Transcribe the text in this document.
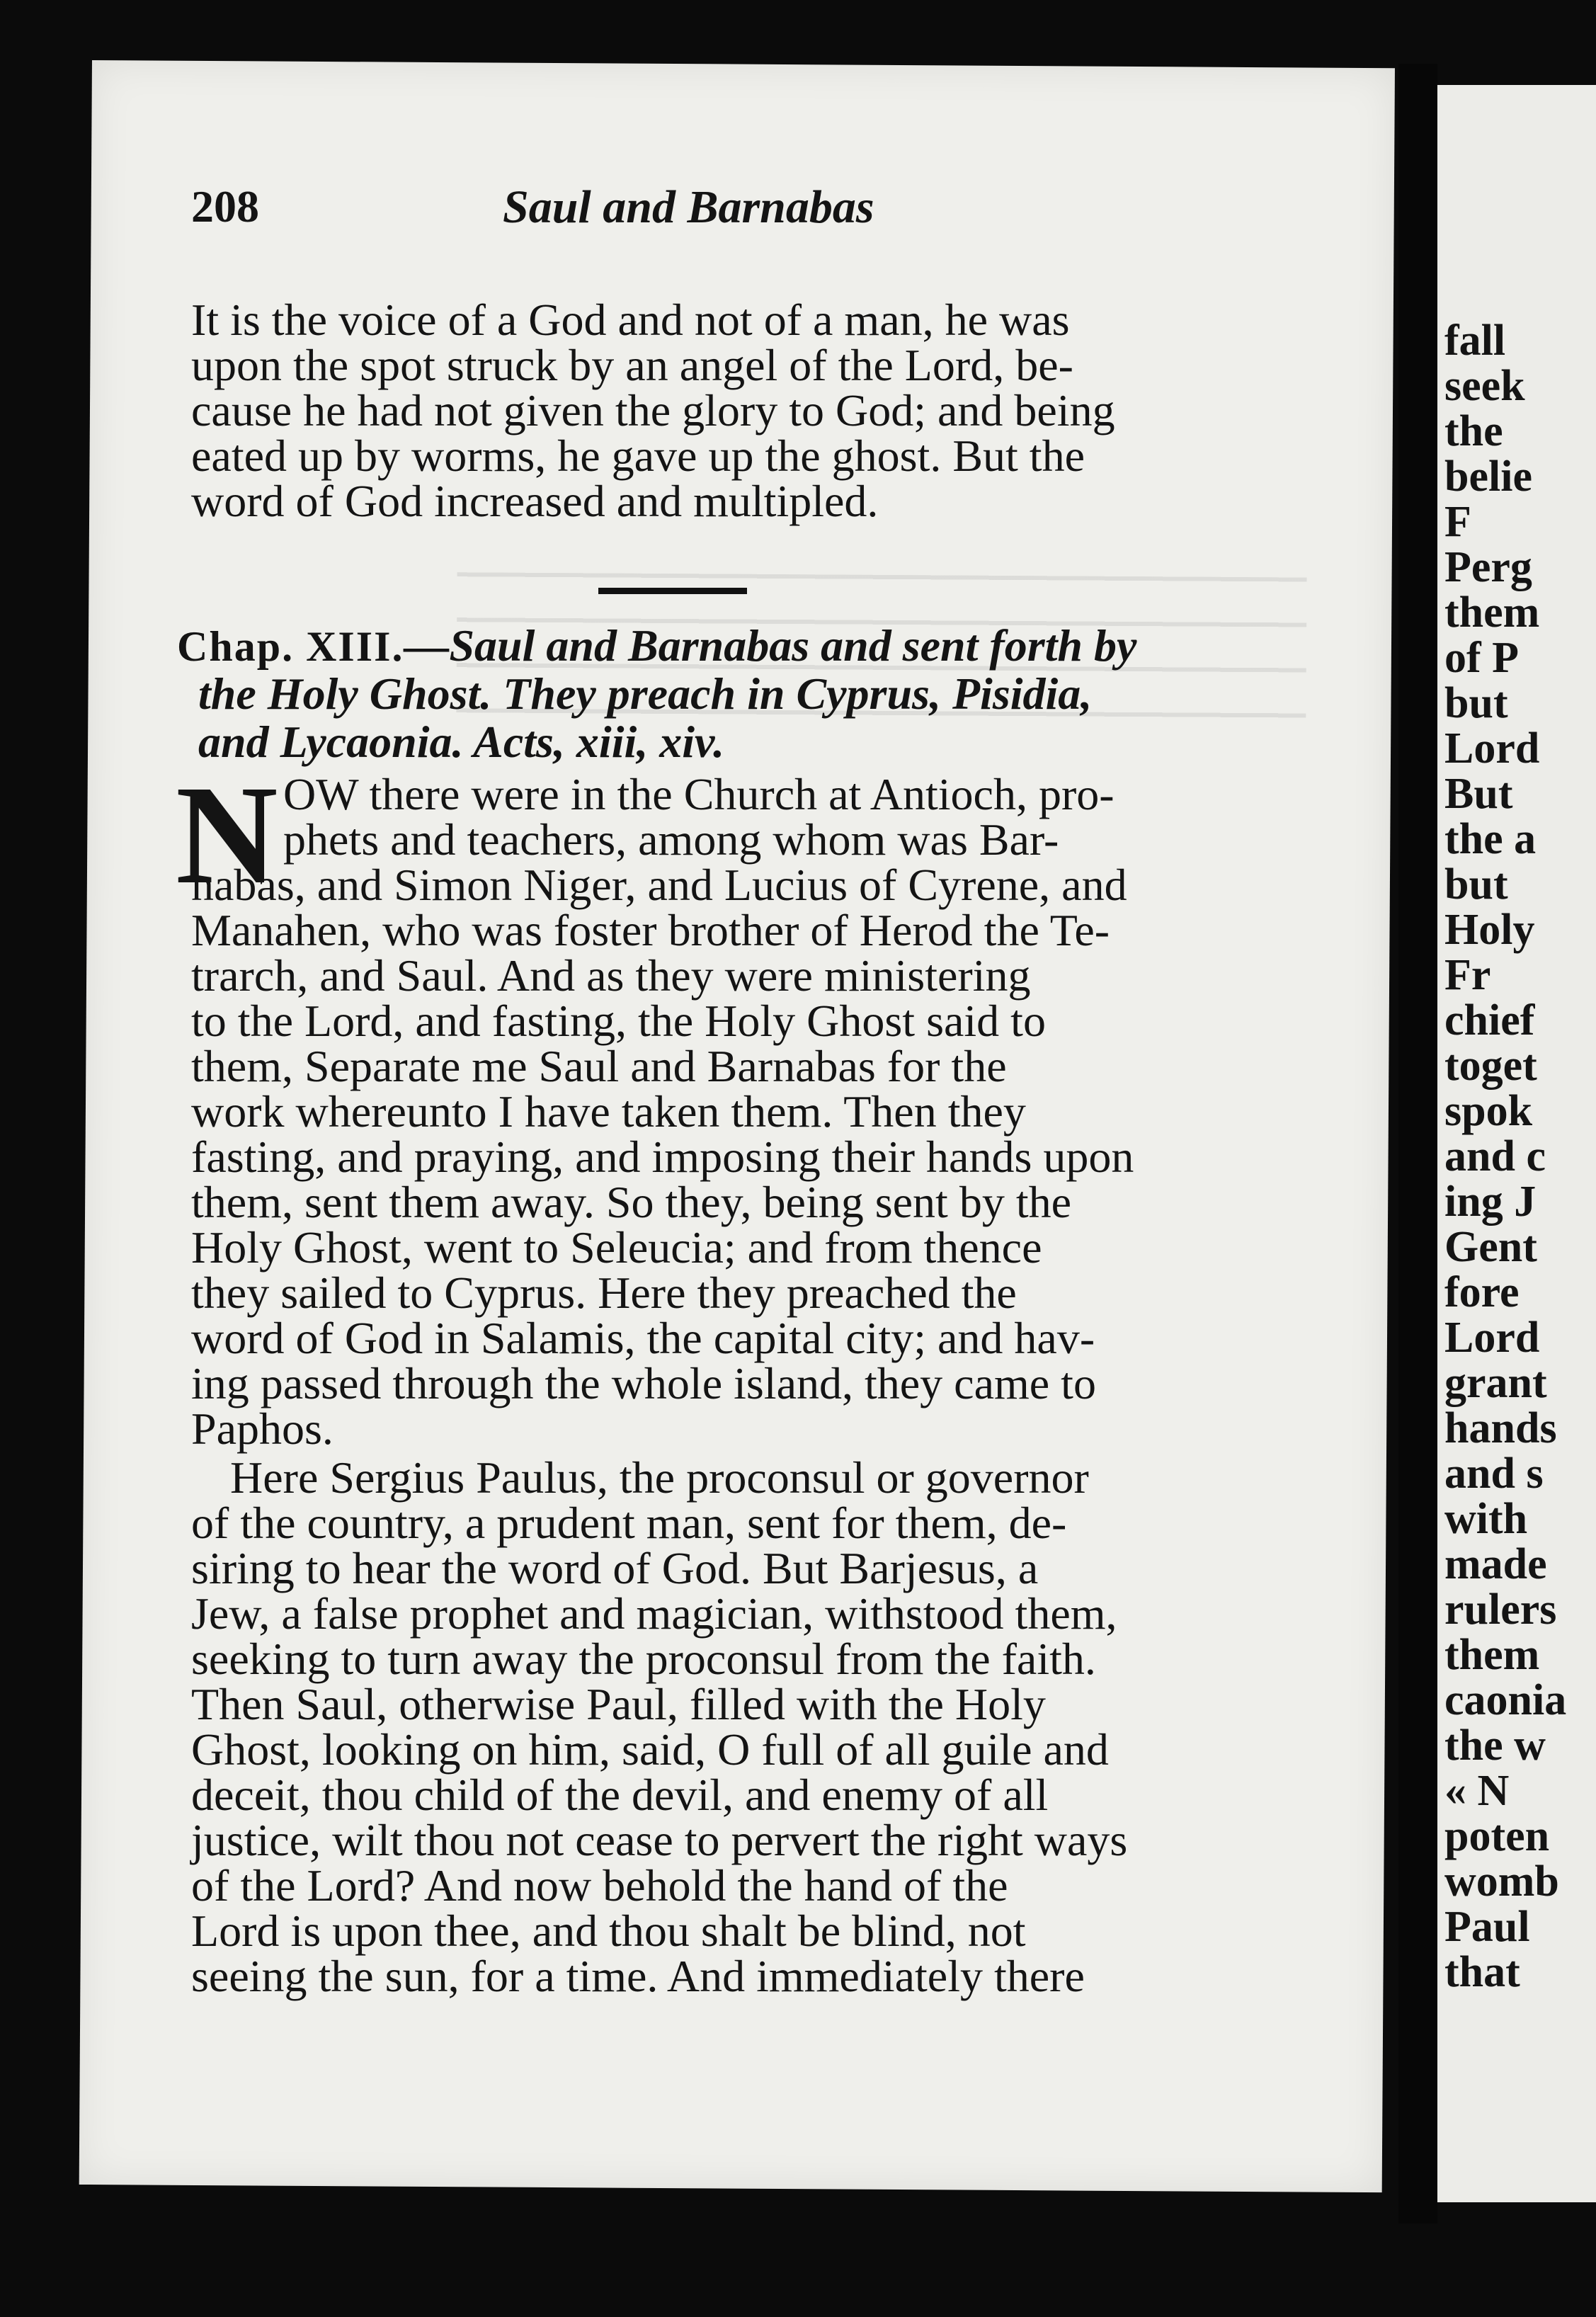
fall
seek
the
belie
F
Perg
them
of P
but
Lord
But
the a
but
Holy
Fr
chief
toget
spok
and c
ing J
Gent
fore
Lord
grant
hands
and s
with
made
rulers
them
caonia
the w
« N
poten
womb
Paul
that
208	Saul and Barnabas
It is the voice of a God and not of a man, he was
upon the spot struck by an angel of the Lord, be-
cause he had not given the glory to God; and being
eated up by worms, he gave up the ghost. But the
word of God increased and multipled.
Chap. XIII.—Saul and Barnabas and sent forth by
the Holy Ghost. They preach in Cyprus, Pisidia,
and Lycaonia. Acts, xiii, xiv.
N OW there were in the Church at Antioch, pro-
phets and teachers, among whom was Bar-
nabas, and Simon Niger, and Lucius of Cyrene, and
Manahen, who was foster brother of Herod the Te-
trarch, and Saul. And as they were ministering
to the Lord, and fasting, the Holy Ghost said to
them, Separate me Saul and Barnabas for the
work whereunto I have taken them. Then they
fasting, and praying, and imposing their hands upon
them, sent them away. So they, being sent by the
Holy Ghost, went to Seleucia; and from thence
they sailed to Cyprus. Here they preached the
word of God in Salamis, the capital city; and hav-
ing passed through the whole island, they came to
Paphos.
Here Sergius Paulus, the proconsul or governor
of the country, a prudent man, sent for them, de-
siring to hear the word of God. But Barjesus, a
Jew, a false prophet and magician, withstood them,
seeking to turn away the proconsul from the faith.
Then Saul, otherwise Paul, filled with the Holy
Ghost, looking on him, said, O full of all guile and
deceit, thou child of the devil, and enemy of all
justice, wilt thou not cease to pervert the right ways
of the Lord? And now behold the hand of the
Lord is upon thee, and thou shalt be blind, not
seeing the sun, for a time. And immediately there
